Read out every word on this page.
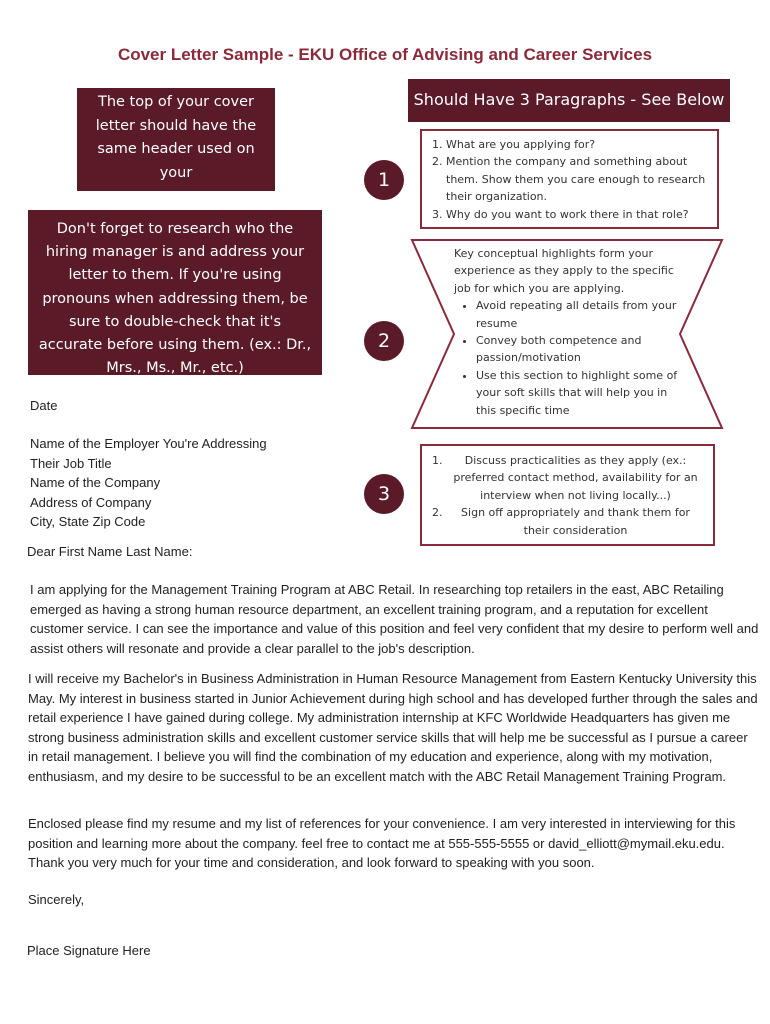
Cover Letter Sample - EKU Office of Advising and Career Services
The top of your cover
letter should have the
same header used on your
resume.
Don't forget to research who the hiring manager is and address your letter to them. If you're using pronouns when addressing them, be sure to double-check that it's accurate before using them. (ex.: Dr., Mrs., Ms., Mr., etc.)
Should Have 3 Paragraphs - See Below
1
2
3
1. What are you applying for?
2. Mention the company and something about them. Show them you care enough to research their organization.
3. Why do you want to work there in that role?
Key conceptual highlights form your experience as they apply to the specific job for which you are applying.
• Avoid repeating all details from your resume
• Convey both competence and passion/motivation
• Use this section to highlight some of your soft skills that will help you in this specific time
1.	Discuss practicalities as they apply (ex.: preferred contact method, availability for an interview when not living locally...)
2.	Sign off appropriately and thank them for their consideration
Date
Name of the Employer You're Addressing
Their Job Title
Name of the Company
Address of Company
City, State Zip Code
Dear First Name Last Name:
I am applying for the Management Training Program at ABC Retail. In researching top retailers in the east, ABC Retailing emerged as having a strong human resource department, an excellent training program, and a reputation for excellent customer service. I can see the importance and value of this position and feel very confident that my desire to perform well and assist others will resonate and provide a clear parallel to the job's description.
I will receive my Bachelor's in Business Administration in Human Resource Management from Eastern Kentucky University this May. My interest in business started in Junior Achievement during high school and has developed further through the sales and retail experience I have gained during college. My administration internship at KFC Worldwide Headquarters has given me strong business administration skills and excellent customer service skills that will help me be successful as I pursue a career in retail management. I believe you will find the combination of my education and experience, along with my motivation, enthusiasm, and my desire to be successful to be an excellent match with the ABC Retail Management Training Program.
Enclosed please find my resume and my list of references for your convenience. I am very interested in interviewing for this position and learning more about the company. feel free to contact me at 555-555-5555 or david_elliott@mymail.eku.edu. Thank you very much for your time and consideration, and look forward to speaking with you soon.
Sincerely,
Place Signature Here
